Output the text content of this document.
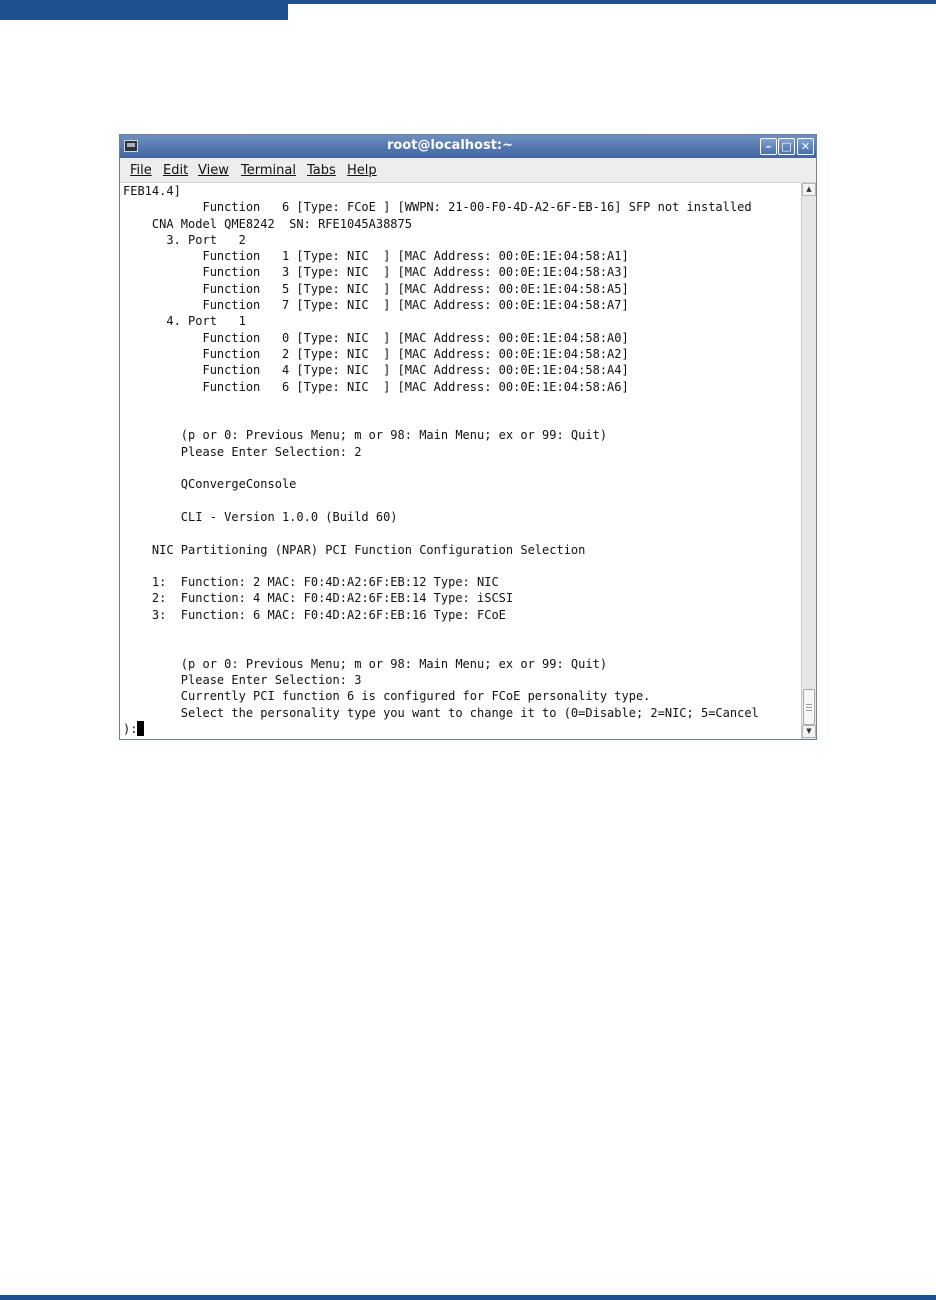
root@localhost:~	– □ ✕
File Edit View Terminal Tabs Help
FEB14.4]
Function   6 [Type: FCoE ] [WWPN: 21-00-F0-4D-A2-6F-EB-16] SFP not installed
CNA Model QME8242  SN: RFE1045A38875
3. Port   2
Function   1 [Type: NIC  ] [MAC Address: 00:0E:1E:04:58:A1]
Function   3 [Type: NIC  ] [MAC Address: 00:0E:1E:04:58:A3]
Function   5 [Type: NIC  ] [MAC Address: 00:0E:1E:04:58:A5]
Function   7 [Type: NIC  ] [MAC Address: 00:0E:1E:04:58:A7]
4. Port   1
Function   0 [Type: NIC  ] [MAC Address: 00:0E:1E:04:58:A0]
Function   2 [Type: NIC  ] [MAC Address: 00:0E:1E:04:58:A2]
Function   4 [Type: NIC  ] [MAC Address: 00:0E:1E:04:58:A4]
Function   6 [Type: NIC  ] [MAC Address: 00:0E:1E:04:58:A6]
(p or 0: Previous Menu; m or 98: Main Menu; ex or 99: Quit)
Please Enter Selection: 2
QConvergeConsole
CLI - Version 1.0.0 (Build 60)
NIC Partitioning (NPAR) PCI Function Configuration Selection
1:  Function: 2 MAC: F0:4D:A2:6F:EB:12 Type: NIC
2:  Function: 4 MAC: F0:4D:A2:6F:EB:14 Type: iSCSI
3:  Function: 6 MAC: F0:4D:A2:6F:EB:16 Type: FCoE
(p or 0: Previous Menu; m or 98: Main Menu; ex or 99: Quit)
Please Enter Selection: 3
Currently PCI function 6 is configured for FCoE personality type.
Select the personality type you want to change it to (0=Disable; 2=NIC; 5=Cancel
):
▲
▼
